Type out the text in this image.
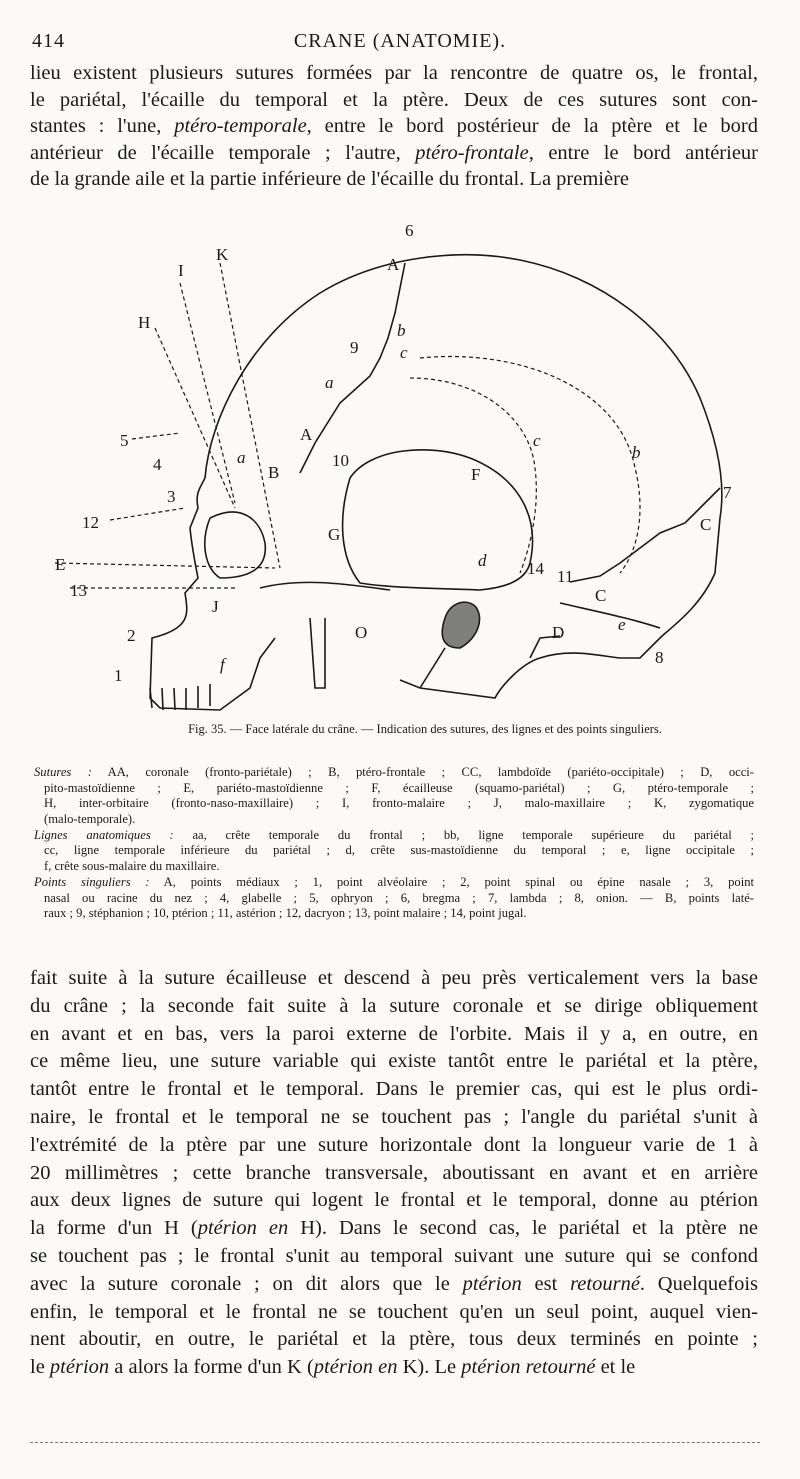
414	CRANE (ANATOMIE).
lieu existent plusieurs sutures formées par la rencontre de quatre os, le frontal,
le pariétal, l'écaille du temporal et la ptère. Deux de ces sutures sont con-
stantes : l'une, ptéro-temporale, entre le bord postérieur de la ptère et le bord
antérieur de l'écaille temporale ; l'autre, ptéro-frontale, entre le bord antérieur
de la grande aile et la partie inférieure de l'écaille du frontal. La première
6
K
I
H
A
b
9 c
a
5	A
4	a	10
c
b
F
3
B
7
12	C
G
d 14 11
13	C
J
e
2	O	D
8
f
1
E
Fig. 35. — Face latérale du crâne. — Indication des sutures, des lignes et des points singuliers.
Sutures : AA, coronale (fronto-pariétale) ; B, ptéro-frontale ; CC, lambdoïde (pariéto-occipitale) ; D, occi-
pito-mastoïdienne ; E, pariéto-mastoïdienne ; F, écailleuse (squamo-pariétal) ; G, ptéro-temporale ;
H, inter-orbitaire (fronto-naso-maxillaire) ; I, fronto-malaire ; J, malo-maxillaire ; K, zygomatique
(malo-temporale).
Lignes anatomiques : aa, crête temporale du frontal ; bb, ligne temporale supérieure du pariétal ;
cc, ligne temporale inférieure du pariétal ; d, crête sus-mastoïdienne du temporal ; e, ligne occipitale ;
f, crête sous-malaire du maxillaire.
Points singuliers : A, points médiaux ; 1, point alvéolaire ; 2, point spinal ou épine nasale ; 3, point
nasal ou racine du nez ; 4, glabelle ; 5, ophryon ; 6, bregma ; 7, lambda ; 8, onion. — B, points laté-
raux ; 9, stéphanion ; 10, ptérion ; 11, astérion ; 12, dacryon ; 13, point malaire ; 14, point jugal.
fait suite à la suture écailleuse et descend à peu près verticalement vers la base
du crâne ; la seconde fait suite à la suture coronale et se dirige obliquement
en avant et en bas, vers la paroi externe de l'orbite. Mais il y a, en outre, en
ce même lieu, une suture variable qui existe tantôt entre le pariétal et la ptère,
tantôt entre le frontal et le temporal. Dans le premier cas, qui est le plus ordi-
naire, le frontal et le temporal ne se touchent pas ; l'angle du pariétal s'unit à
l'extrémité de la ptère par une suture horizontale dont la longueur varie de 1 à
20 millimètres ; cette branche transversale, aboutissant en avant et en arrière
aux deux lignes de suture qui logent le frontal et le temporal, donne au ptérion
la forme d'un H (ptérion en H). Dans le second cas, le pariétal et la ptère ne
se touchent pas ; le frontal s'unit au temporal suivant une suture qui se confond
avec la suture coronale ; on dit alors que le ptérion est retourné. Quelquefois
enfin, le temporal et le frontal ne se touchent qu'en un seul point, auquel vien-
nent aboutir, en outre, le pariétal et la ptère, tous deux terminés en pointe ;
le ptérion a alors la forme d'un K (ptérion en K). Le ptérion retourné et le
